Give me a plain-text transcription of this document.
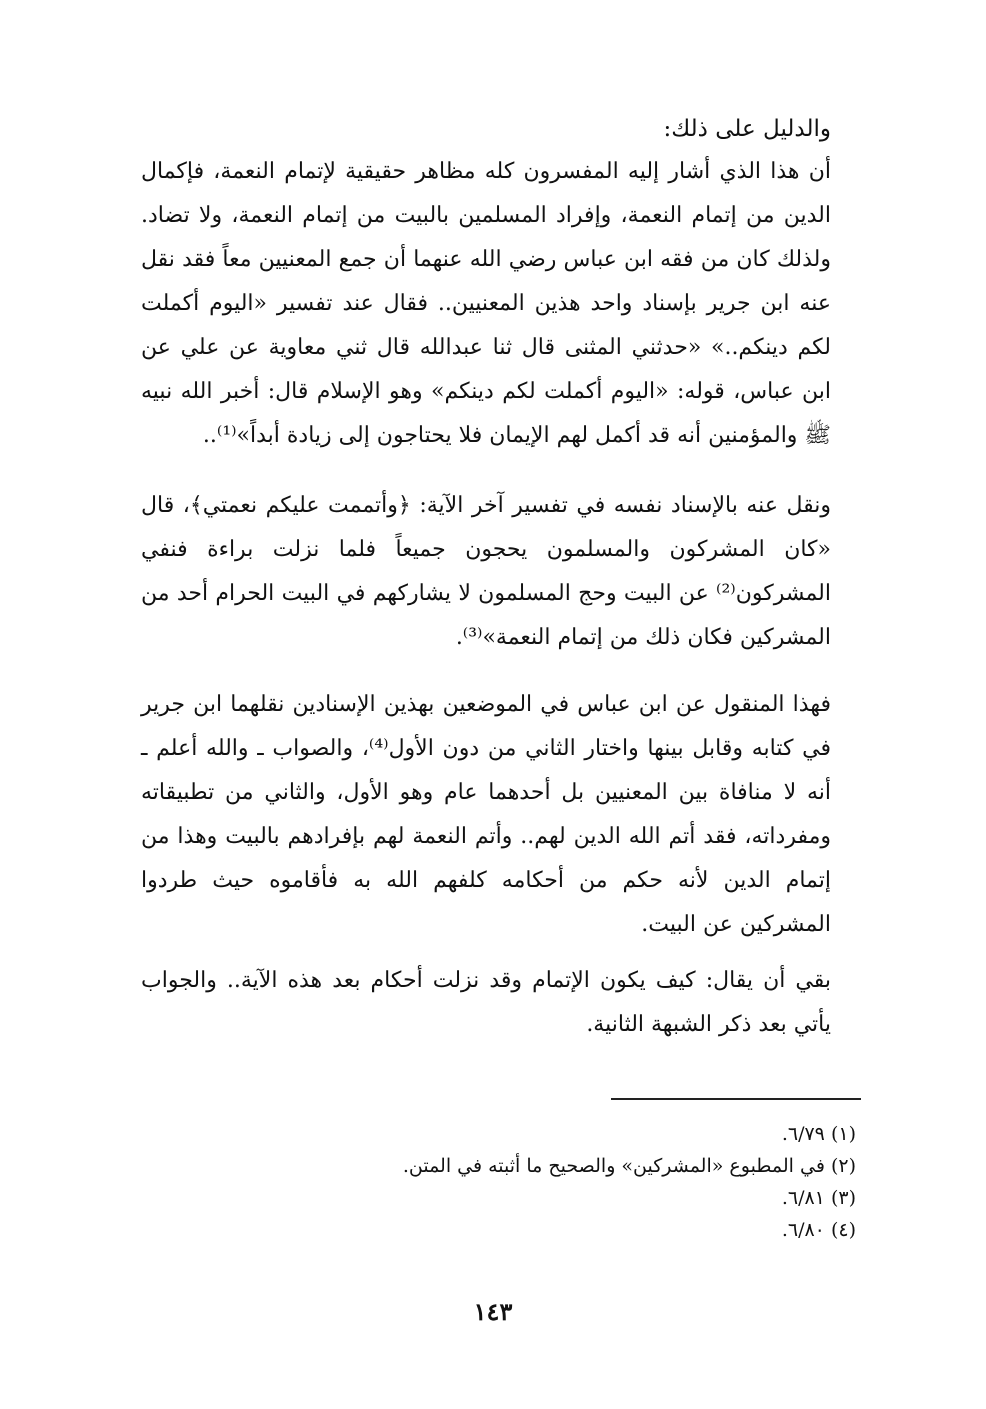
والدليل على ذلك:

أن هذا الذي أشار إليه المفسرون كله مظاهر حقيقية لإتمام النعمة، فإكمال الدين من إتمام النعمة، وإفراد المسلمين بالبيت من إتمام النعمة، ولا تضاد. ولذلك كان من فقه ابن عباس رضي الله عنهما أن جمع المعنيين معاً فقد نقل عنه ابن جرير بإسناد واحد هذين المعنيين.. فقال عند تفسير «اليوم أكملت لكم دينكم..» «حدثني المثنى قال ثنا عبدالله قال ثني معاوية عن علي عن ابن عباس، قوله: «اليوم أكملت لكم دينكم» وهو الإسلام قال: أخبر الله نبيه ﷺ والمؤمنين أنه قد أكمل لهم الإيمان فلا يحتاجون إلى زيادة أبداً»⁽¹⁾..

ونقل عنه بالإسناد نفسه في تفسير آخر الآية: ﴿وأتممت عليكم نعمتي﴾، قال «كان المشركون والمسلمون يحجون جميعاً فلما نزلت براءة فنفي المشركون⁽²⁾ عن البيت وحج المسلمون لا يشاركهم في البيت الحرام أحد من المشركين فكان ذلك من إتمام النعمة»⁽³⁾.

فهذا المنقول عن ابن عباس في الموضعين بهذين الإسنادين نقلهما ابن جرير في كتابه وقابل بينها واختار الثاني من دون الأول⁽⁴⁾، والصواب ـ والله أعلم ـ أنه لا منافاة بين المعنيين بل أحدهما عام وهو الأول، والثاني من تطبيقاته ومفرداته، فقد أتم الله الدين لهم.. وأتم النعمة لهم بإفرادهم بالبيت وهذا من إتمام الدين لأنه حكم من أحكامه كلفهم الله به فأقاموه حيث طردوا المشركين عن البيت.

بقي أن يقال: كيف يكون الإتمام وقد نزلت أحكام بعد هذه الآية.. والجواب يأتي بعد ذكر الشبهة الثانية.

(١) ٦/٧٩.
(٢) في المطبوع «المشركين» والصحيح ما أثبته في المتن.
(٣) ٦/٨١.
(٤) ٦/٨٠.
١٤٣
